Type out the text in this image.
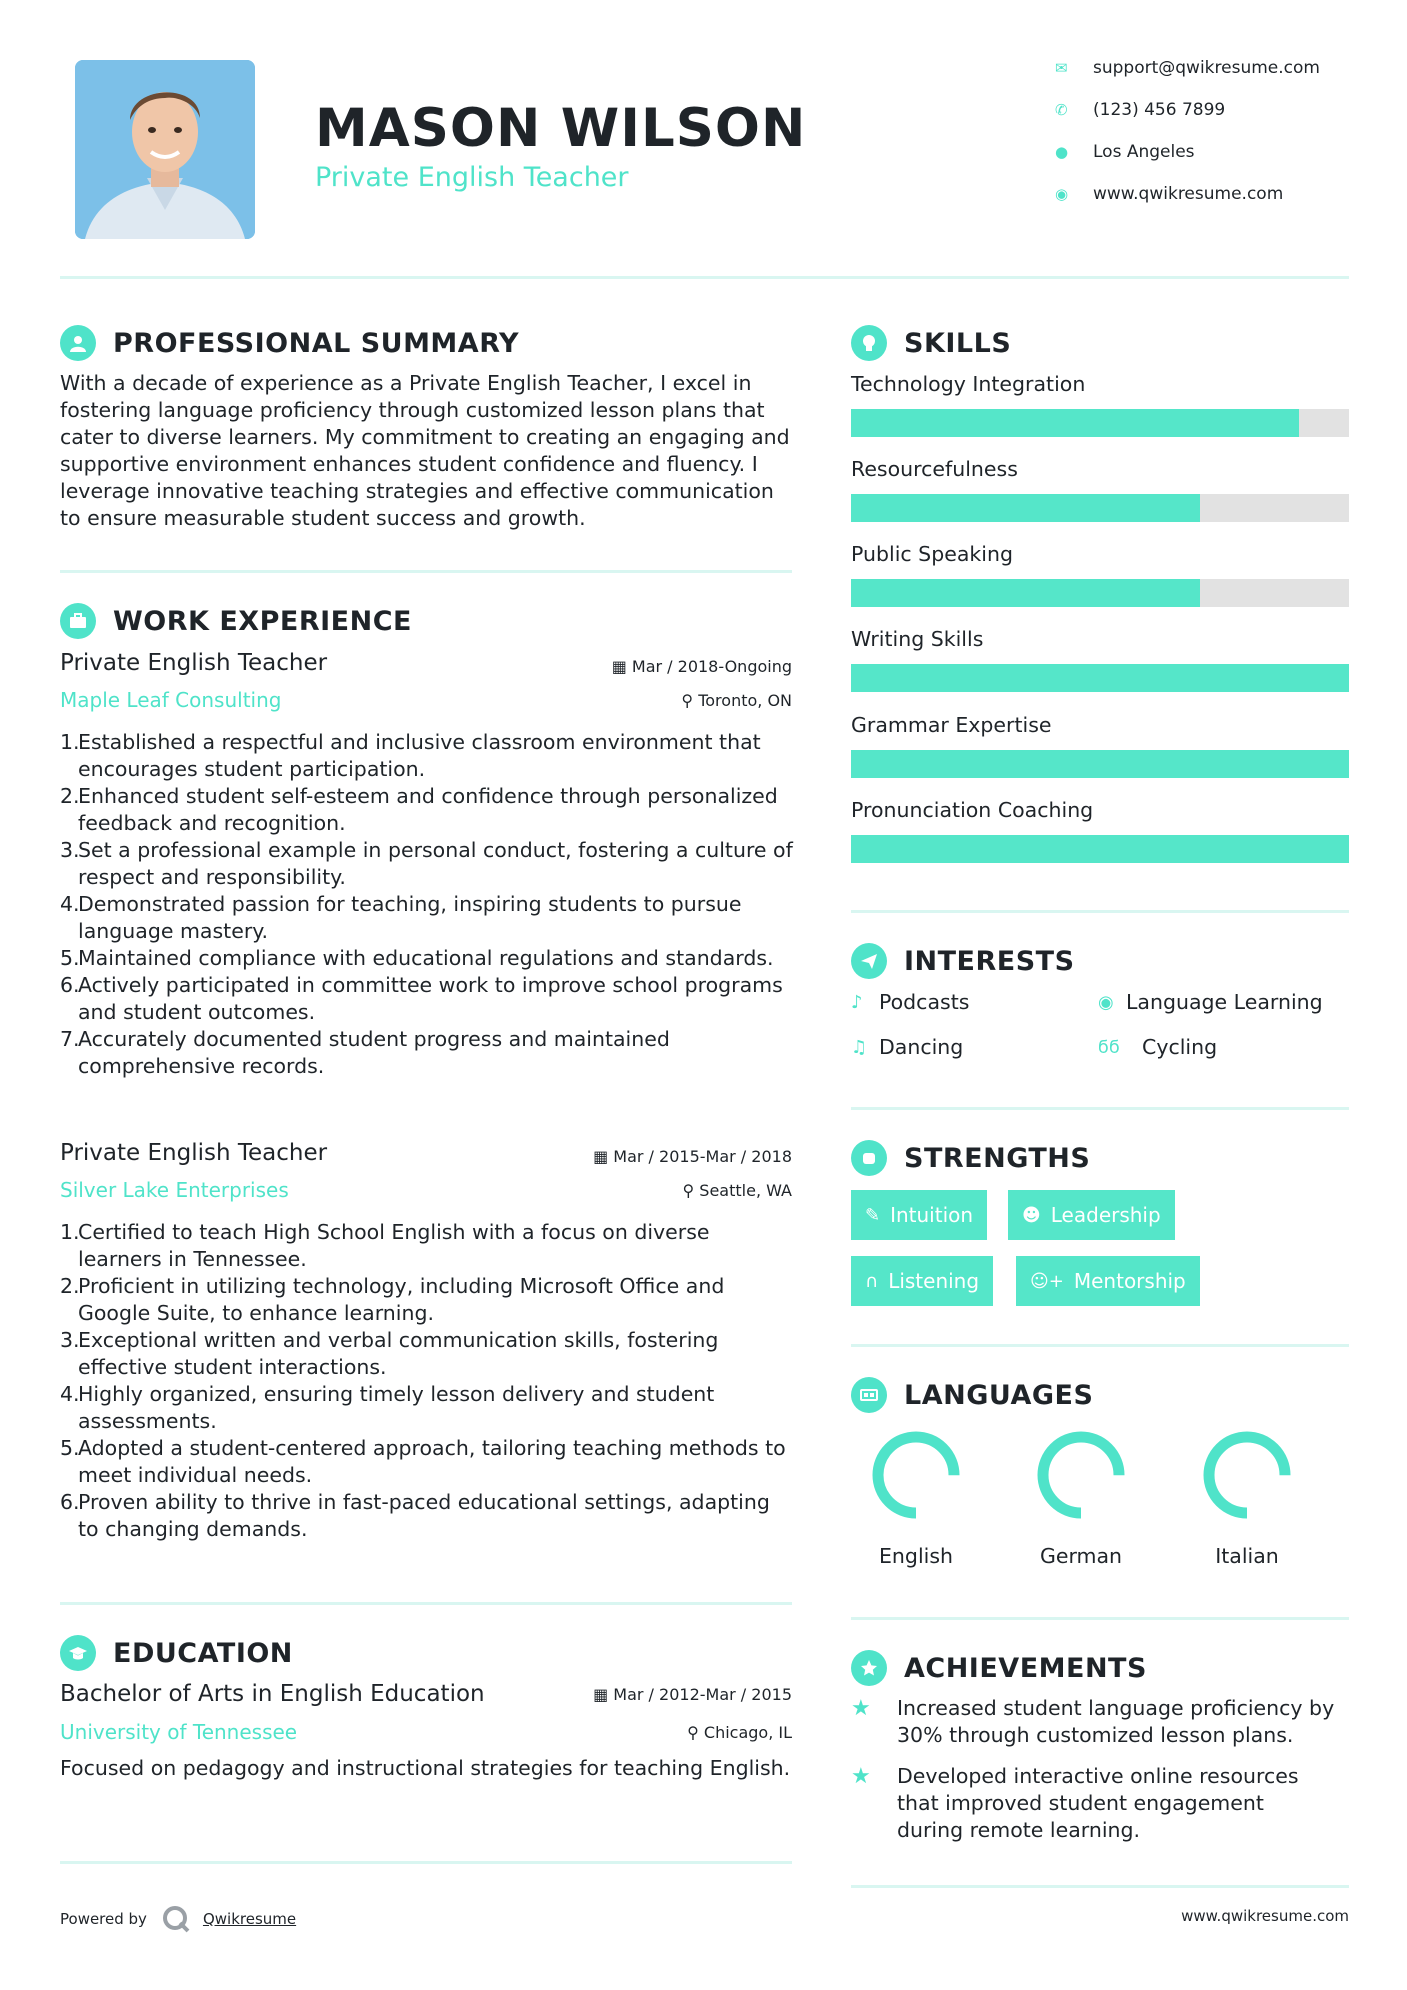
MASON WILSON
Private English Teacher
✉	support@qwikresume.com
✆	(123) 456 7899
●	Los Angeles
◉	www.qwikresume.com
PROFESSIONAL SUMMARY
With a decade of experience as a Private English Teacher, I excel in fostering language proficiency through customized lesson plans that cater to diverse learners. My commitment to creating an engaging and supportive environment enhances student confidence and fluency. I leverage innovative teaching strategies and effective communication to ensure measurable student success and growth.
WORK EXPERIENCE
Private English Teacher	▦ Mar / 2018-Ongoing
Maple Leaf Consulting	⚲ Toronto, ON
1.
Established a respectful and inclusive classroom environment that encourages student participation.
2.
Enhanced student self-esteem and confidence through personalized feedback and recognition.
3.
Set a professional example in personal conduct, fostering a culture of respect and responsibility.
4.
Demonstrated passion for teaching, inspiring students to pursue language mastery.
5.
Maintained compliance with educational regulations and standards.
6.
Actively participated in committee work to improve school programs and student outcomes.
7.
Accurately documented student progress and maintained comprehensive records.
Private English Teacher	▦ Mar / 2015-Mar / 2018
Silver Lake Enterprises	⚲ Seattle, WA
1.
Certified to teach High School English with a focus on diverse learners in Tennessee.
2.
Proficient in utilizing technology, including Microsoft Office and Google Suite, to enhance learning.
3.
Exceptional written and verbal communication skills, fostering effective student interactions.
4.
Highly organized, ensuring timely lesson delivery and student assessments.
5.
Adopted a student-centered approach, tailoring teaching methods to meet individual needs.
6.
Proven ability to thrive in fast-paced educational settings, adapting to changing demands.
EDUCATION
Bachelor of Arts in English Education	▦ Mar / 2012-Mar / 2015
University of Tennessee	⚲ Chicago, IL
Focused on pedagogy and instructional strategies for teaching English.
SKILLS
Technology Integration
Resourcefulness
Public Speaking
Writing Skills
Grammar Expertise
Pronunciation Coaching
INTERESTS
♪ Podcasts	◉ Language Learning
♫ Dancing	ϭϭ	Cycling
STRENGTHS
✎ Intuition	☻ Leadership
∩ Listening	☺+ Mentorship
LANGUAGES
English	German	Italian
ACHIEVEMENTS
★	Increased student language proficiency by 30% through customized lesson plans.
★	Developed interactive online resources that improved student engagement during remote learning.
Powered by	Qwikresume	www.qwikresume.com
